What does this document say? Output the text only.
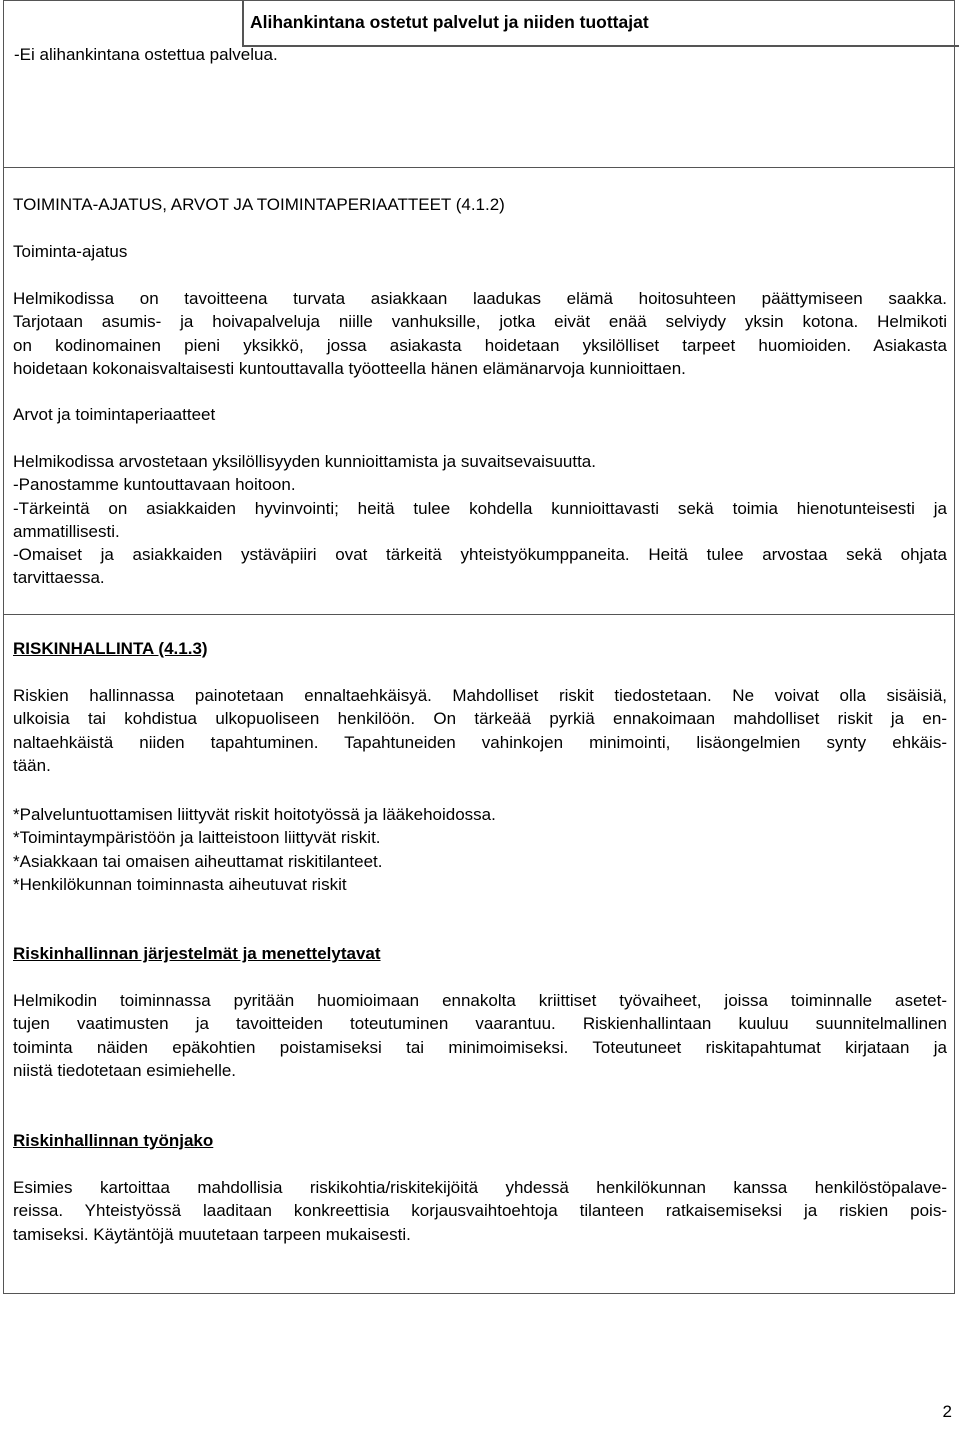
Alihankintana ostetut palvelut ja niiden tuottajat
-Ei alihankintana ostettua palvelua.
TOIMINTA-AJATUS, ARVOT JA TOIMINTAPERIAATTEET (4.1.2)
Toiminta-ajatus
Helmikodissa on tavoitteena turvata asiakkaan laadukas elämä hoitosuhteen päättymiseen saakka.
Tarjotaan asumis- ja hoivapalveluja niille vanhuksille, jotka eivät enää selviydy yksin kotona. Helmikoti
on kodinomainen pieni yksikkö, jossa asiakasta hoidetaan yksilölliset tarpeet huomioiden. Asiakasta
hoidetaan kokonaisvaltaisesti kuntouttavalla työotteella hänen elämänarvoja kunnioittaen.
Arvot ja toimintaperiaatteet
Helmikodissa arvostetaan yksilöllisyyden kunnioittamista ja suvaitsevaisuutta.
-Panostamme kuntouttavaan hoitoon.
-Tärkeintä on asiakkaiden hyvinvointi; heitä tulee kohdella kunnioittavasti sekä toimia hienotunteisesti ja
ammatillisesti.
-Omaiset ja asiakkaiden ystäväpiiri ovat tärkeitä yhteistyökumppaneita. Heitä tulee arvostaa sekä ohjata
tarvittaessa.
RISKINHALLINTA (4.1.3)
Riskien hallinnassa painotetaan ennaltaehkäisyä. Mahdolliset riskit tiedostetaan. Ne voivat olla sisäisiä,
ulkoisia tai kohdistua ulkopuoliseen henkilöön. On tärkeää pyrkiä ennakoimaan mahdolliset riskit ja en-
naltaehkäistä niiden tapahtuminen. Tapahtuneiden vahinkojen minimointi, lisäongelmien synty ehkäis-
tään.
*Palveluntuottamisen liittyvät riskit hoitotyössä ja lääkehoidossa.
*Toimintaympäristöön ja laitteistoon liittyvät riskit.
*Asiakkaan tai omaisen aiheuttamat riskitilanteet.
*Henkilökunnan toiminnasta aiheutuvat riskit
Riskinhallinnan järjestelmät ja menettelytavat
Helmikodin toiminnassa pyritään huomioimaan ennakolta kriittiset työvaiheet, joissa toiminnalle asetet-
tujen vaatimusten ja tavoitteiden toteutuminen vaarantuu. Riskienhallintaan kuuluu suunnitelmallinen
toiminta näiden epäkohtien poistamiseksi tai minimoimiseksi. Toteutuneet riskitapahtumat kirjataan ja
niistä tiedotetaan esimiehelle.
Riskinhallinnan työnjako
Esimies kartoittaa mahdollisia riskikohtia/riskitekijöitä yhdessä henkilökunnan kanssa henkilöstöpalave-
reissa. Yhteistyössä laaditaan konkreettisia korjausvaihtoehtoja tilanteen ratkaisemiseksi ja riskien pois-
tamiseksi. Käytäntöjä muutetaan tarpeen mukaisesti.
2
